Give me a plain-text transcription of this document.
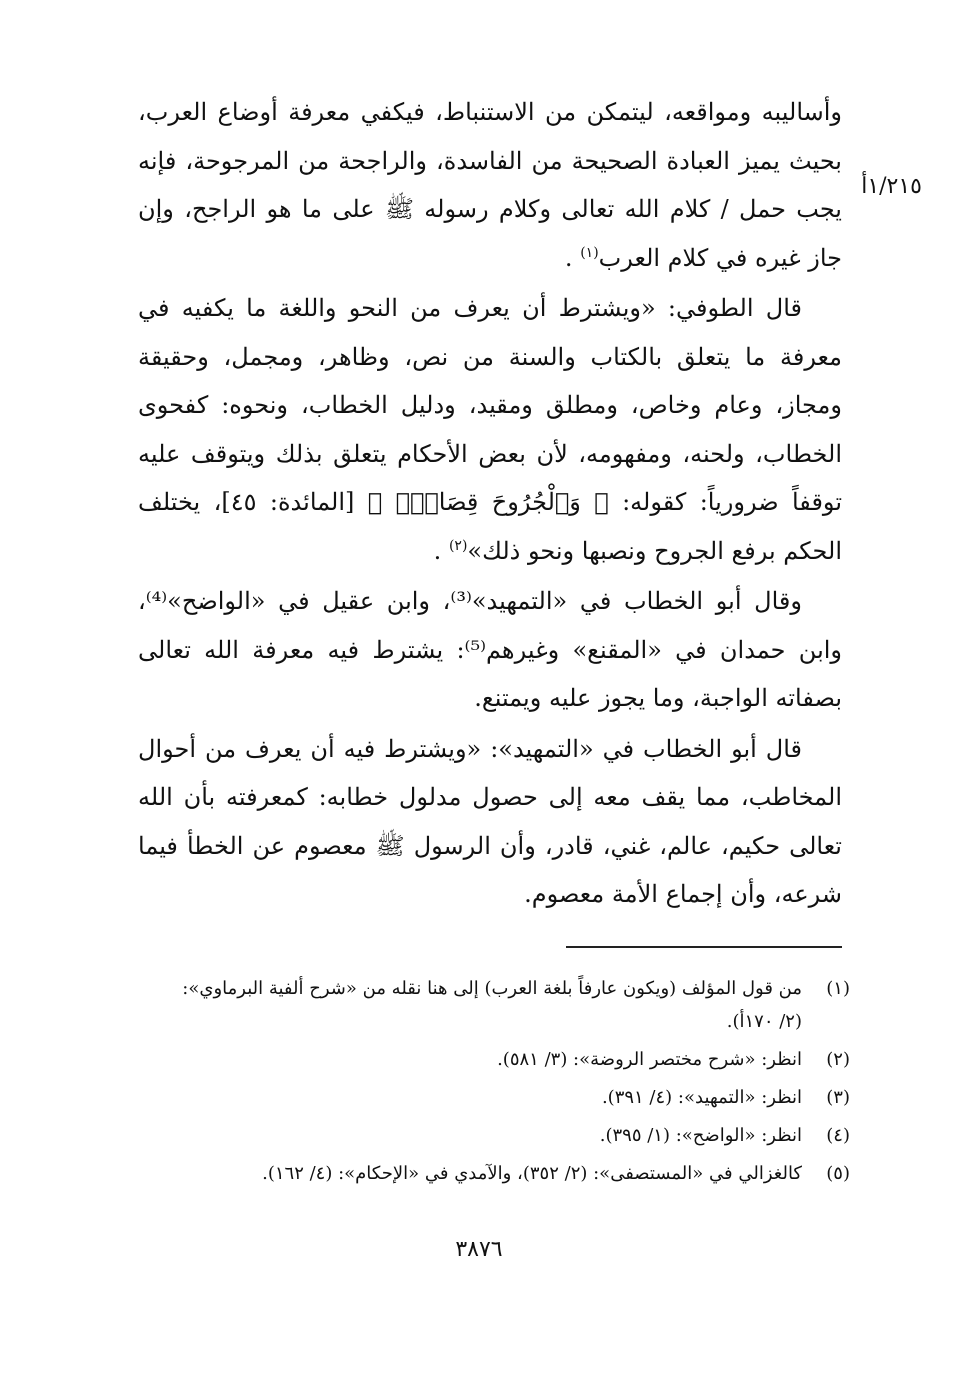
١/٢١٥أ

وأساليبه ومواقعه، ليتمكن من الاستنباط، فيكفي معرفة أوضاع العرب، بحيث يميز العبادة الصحيحة من الفاسدة، والراجحة من المرجوحة، فإنه يجب حمل / كلام الله تعالى وكلام رسوله ﷺ على ما هو الراجح، وإن جاز غيره في كلام العرب$^{(١)}$ .

قال الطوفي: «ويشترط أن يعرف من النحو واللغة ما يكفيه في معرفة ما يتعلق بالكتاب والسنة من نص، وظاهر، ومجمل، وحقيقة ومجاز، وعام وخاص، ومطلق ومقيد، ودليل الخطاب، ونحوه: كفحوى الخطاب، ولحنه، ومفهومه، لأن بعض الأحكام يتعلق بذلك ويتوقف عليه توقفاً ضرورياً: كقوله: ﴿ وَٱلْجُرُوحَ قِصَاصٌۚ ﴾ [المائدة: ٤٥]، يختلف الحكم برفع الجروح ونصبها ونحو ذلك»$^{(٢)}$ .

وقال أبو الخطاب في «التمهيد»⁽³⁾، وابن عقيل في «الواضح»⁽⁴⁾، وابن حمدان في «المقنع» وغيرهم⁽⁵⁾: يشترط فيه معرفة الله تعالى بصفاته الواجبة، وما يجوز عليه ويمتنع.

قال أبو الخطاب في «التمهيد»: «ويشترط فيه أن يعرف من أحوال المخاطب، مما يقف معه إلى حصول مدلول خطابه: كمعرفته بأن الله تعالى حكيم، عالم، غني، قادر، وأن الرسول ﷺ معصوم عن الخطأ فيما شرعه، وأن إجماع الأمة معصوم.

(١)
من قول المؤلف (ويكون عارفاً بلغة العرب) إلى هنا نقله من «شرح ألفية البرماوي»: (٢/ ١٧٠أ).
(٢)
انظر: «شرح مختصر الروضة»: (٣/ ٥٨١).
(٣)
انظر: «التمهيد»: (٤/ ٣٩١).
(٤)
انظر: «الواضح»: (١/ ٣٩٥).
(٥)
كالغزالي في «المستصفى»: (٢/ ٣٥٢)، والآمدي في «الإحكام»: (٤/ ١٦٢).
٣٨٧٦
